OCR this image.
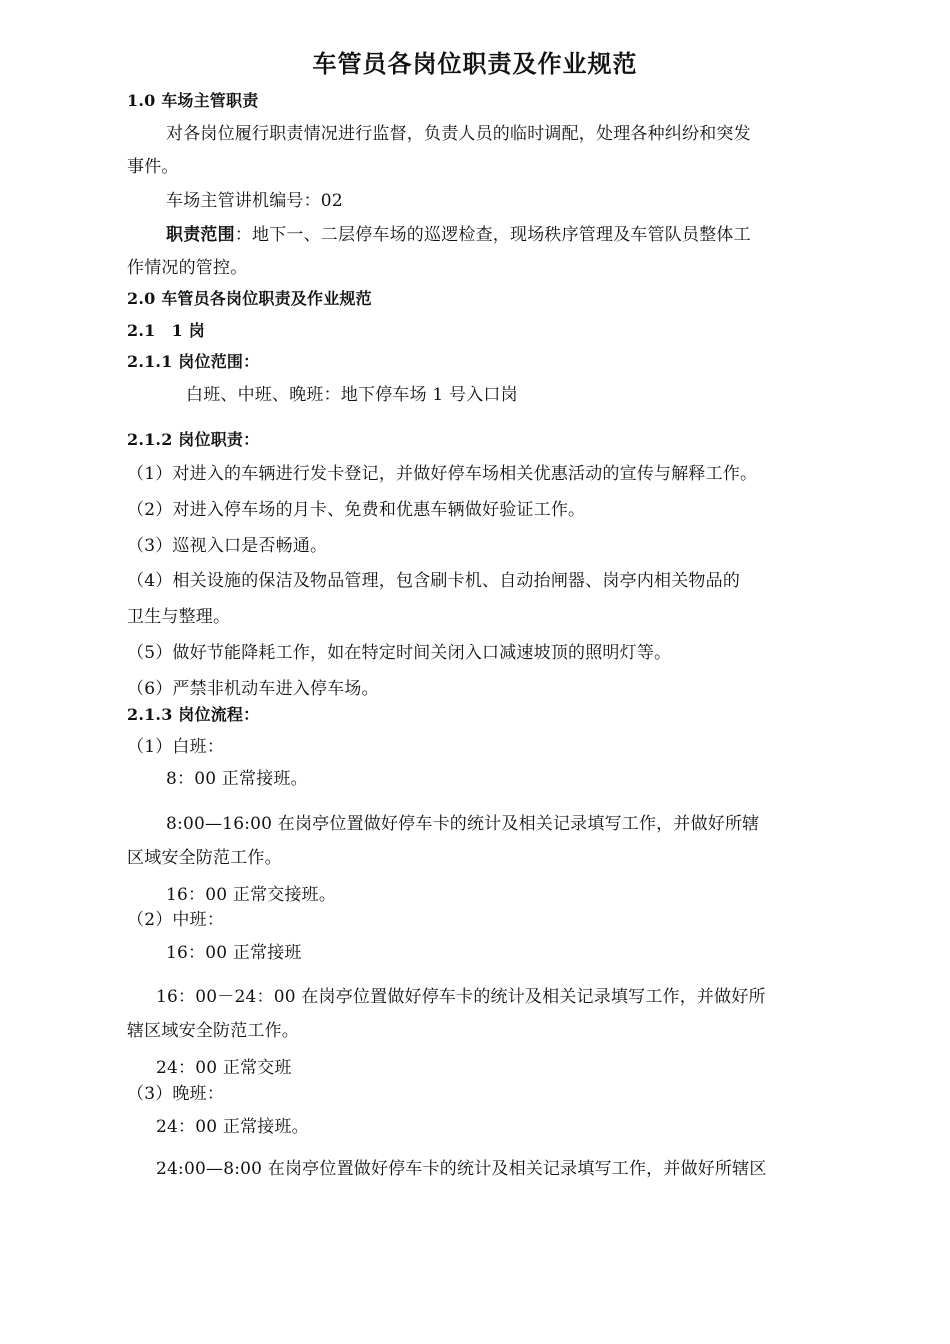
车管员各岗位职责及作业规范
1.0 车场主管职责
对各岗位履行职责情况进行监督，负责人员的临时调配，处理各种纠纷和突发
事件。
车场主管讲机编号：02
职责范围：地下一、二层停车场的巡逻检查，现场秩序管理及车管队员整体工
作情况的管控。
2.0 车管员各岗位职责及作业规范
2.1　1 岗
2.1.1 岗位范围：
白班、中班、晚班：地下停车场 1 号入口岗
2.1.2 岗位职责：
（1）对进入的车辆进行发卡登记，并做好停车场相关优惠活动的宣传与解释工作。
（2）对进入停车场的月卡、免费和优惠车辆做好验证工作。
（3）巡视入口是否畅通。
（4）相关设施的保洁及物品管理，包含刷卡机、自动抬闸器、岗亭内相关物品的
卫生与整理。
（5）做好节能降耗工作，如在特定时间关闭入口减速坡顶的照明灯等。
（6）严禁非机动车进入停车场。
2.1.3 岗位流程：
（1）白班：
8：00 正常接班。
8:00—16:00 在岗亭位置做好停车卡的统计及相关记录填写工作，并做好所辖
区域安全防范工作。
16：00 正常交接班。
（2）中班：
16：00 正常接班
16：00－24：00 在岗亭位置做好停车卡的统计及相关记录填写工作，并做好所
辖区域安全防范工作。
24：00 正常交班
（3）晚班：
24：00 正常接班。
24:00—8:00 在岗亭位置做好停车卡的统计及相关记录填写工作，并做好所辖区
